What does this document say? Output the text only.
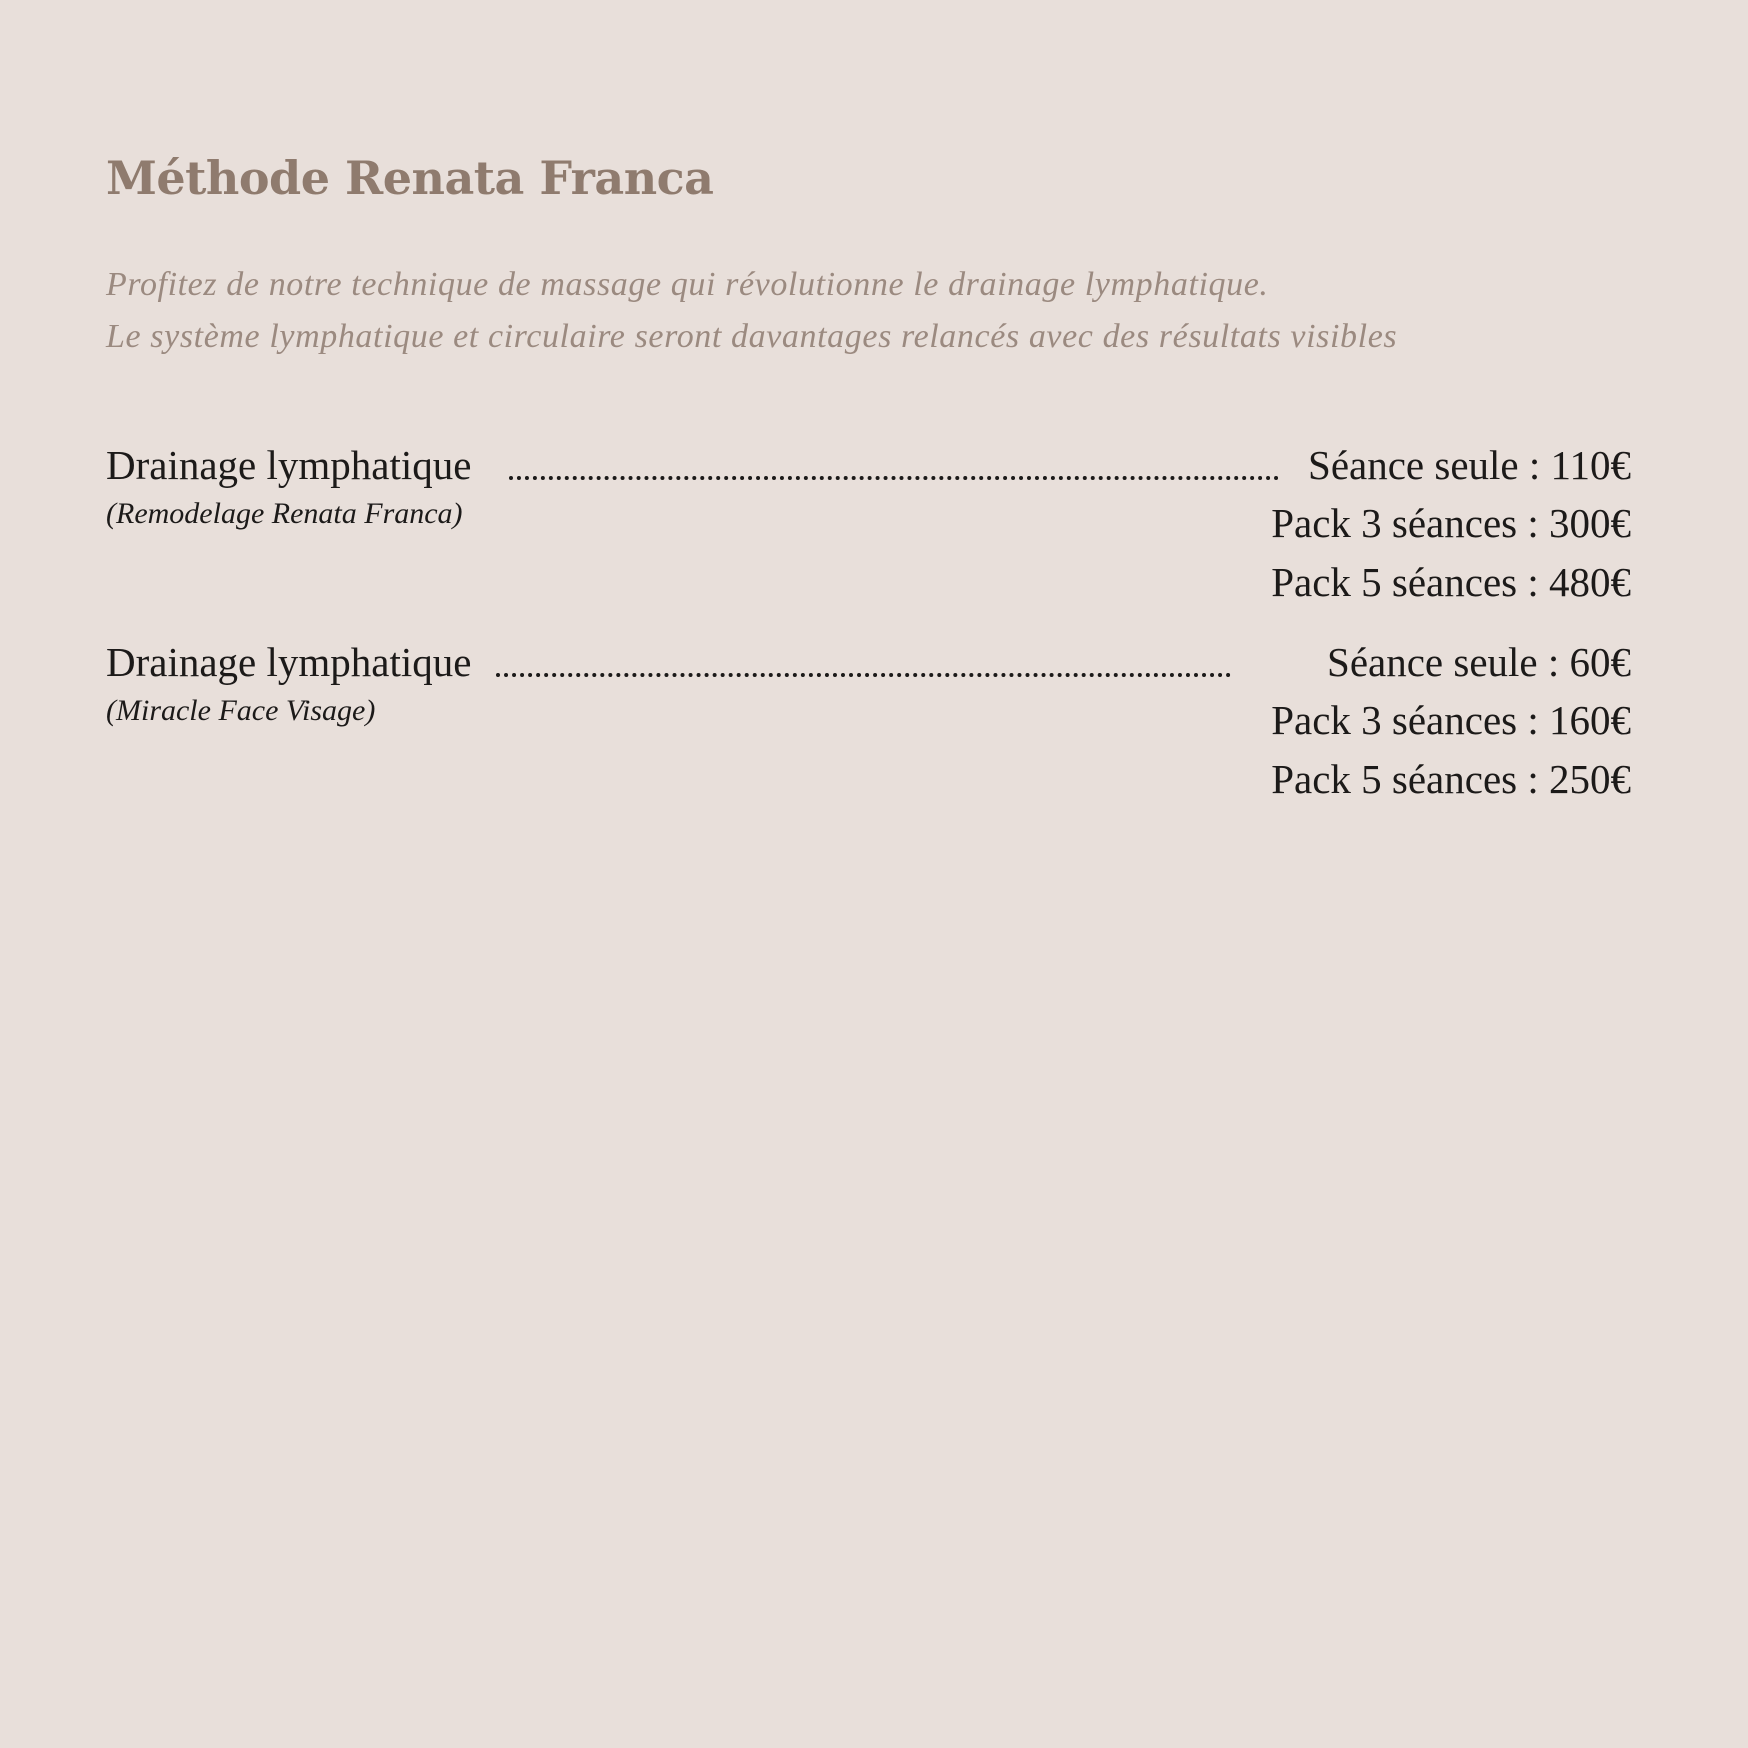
Méthode Renata Franca

Profitez de notre technique de massage qui révolutionne le drainage lymphatique.

Le système lymphatique et circulaire seront davantages relancés avec des résultats visibles

Drainage lymphatique	Séance seule : 110€
(Remodelage Renata Franca)	Pack 3 séances : 300€
Pack 5 séances : 480€
Drainage lymphatique	Séance seule : 60€
(Miracle Face Visage)	Pack 3 séances : 160€
Pack 5 séances : 250€
